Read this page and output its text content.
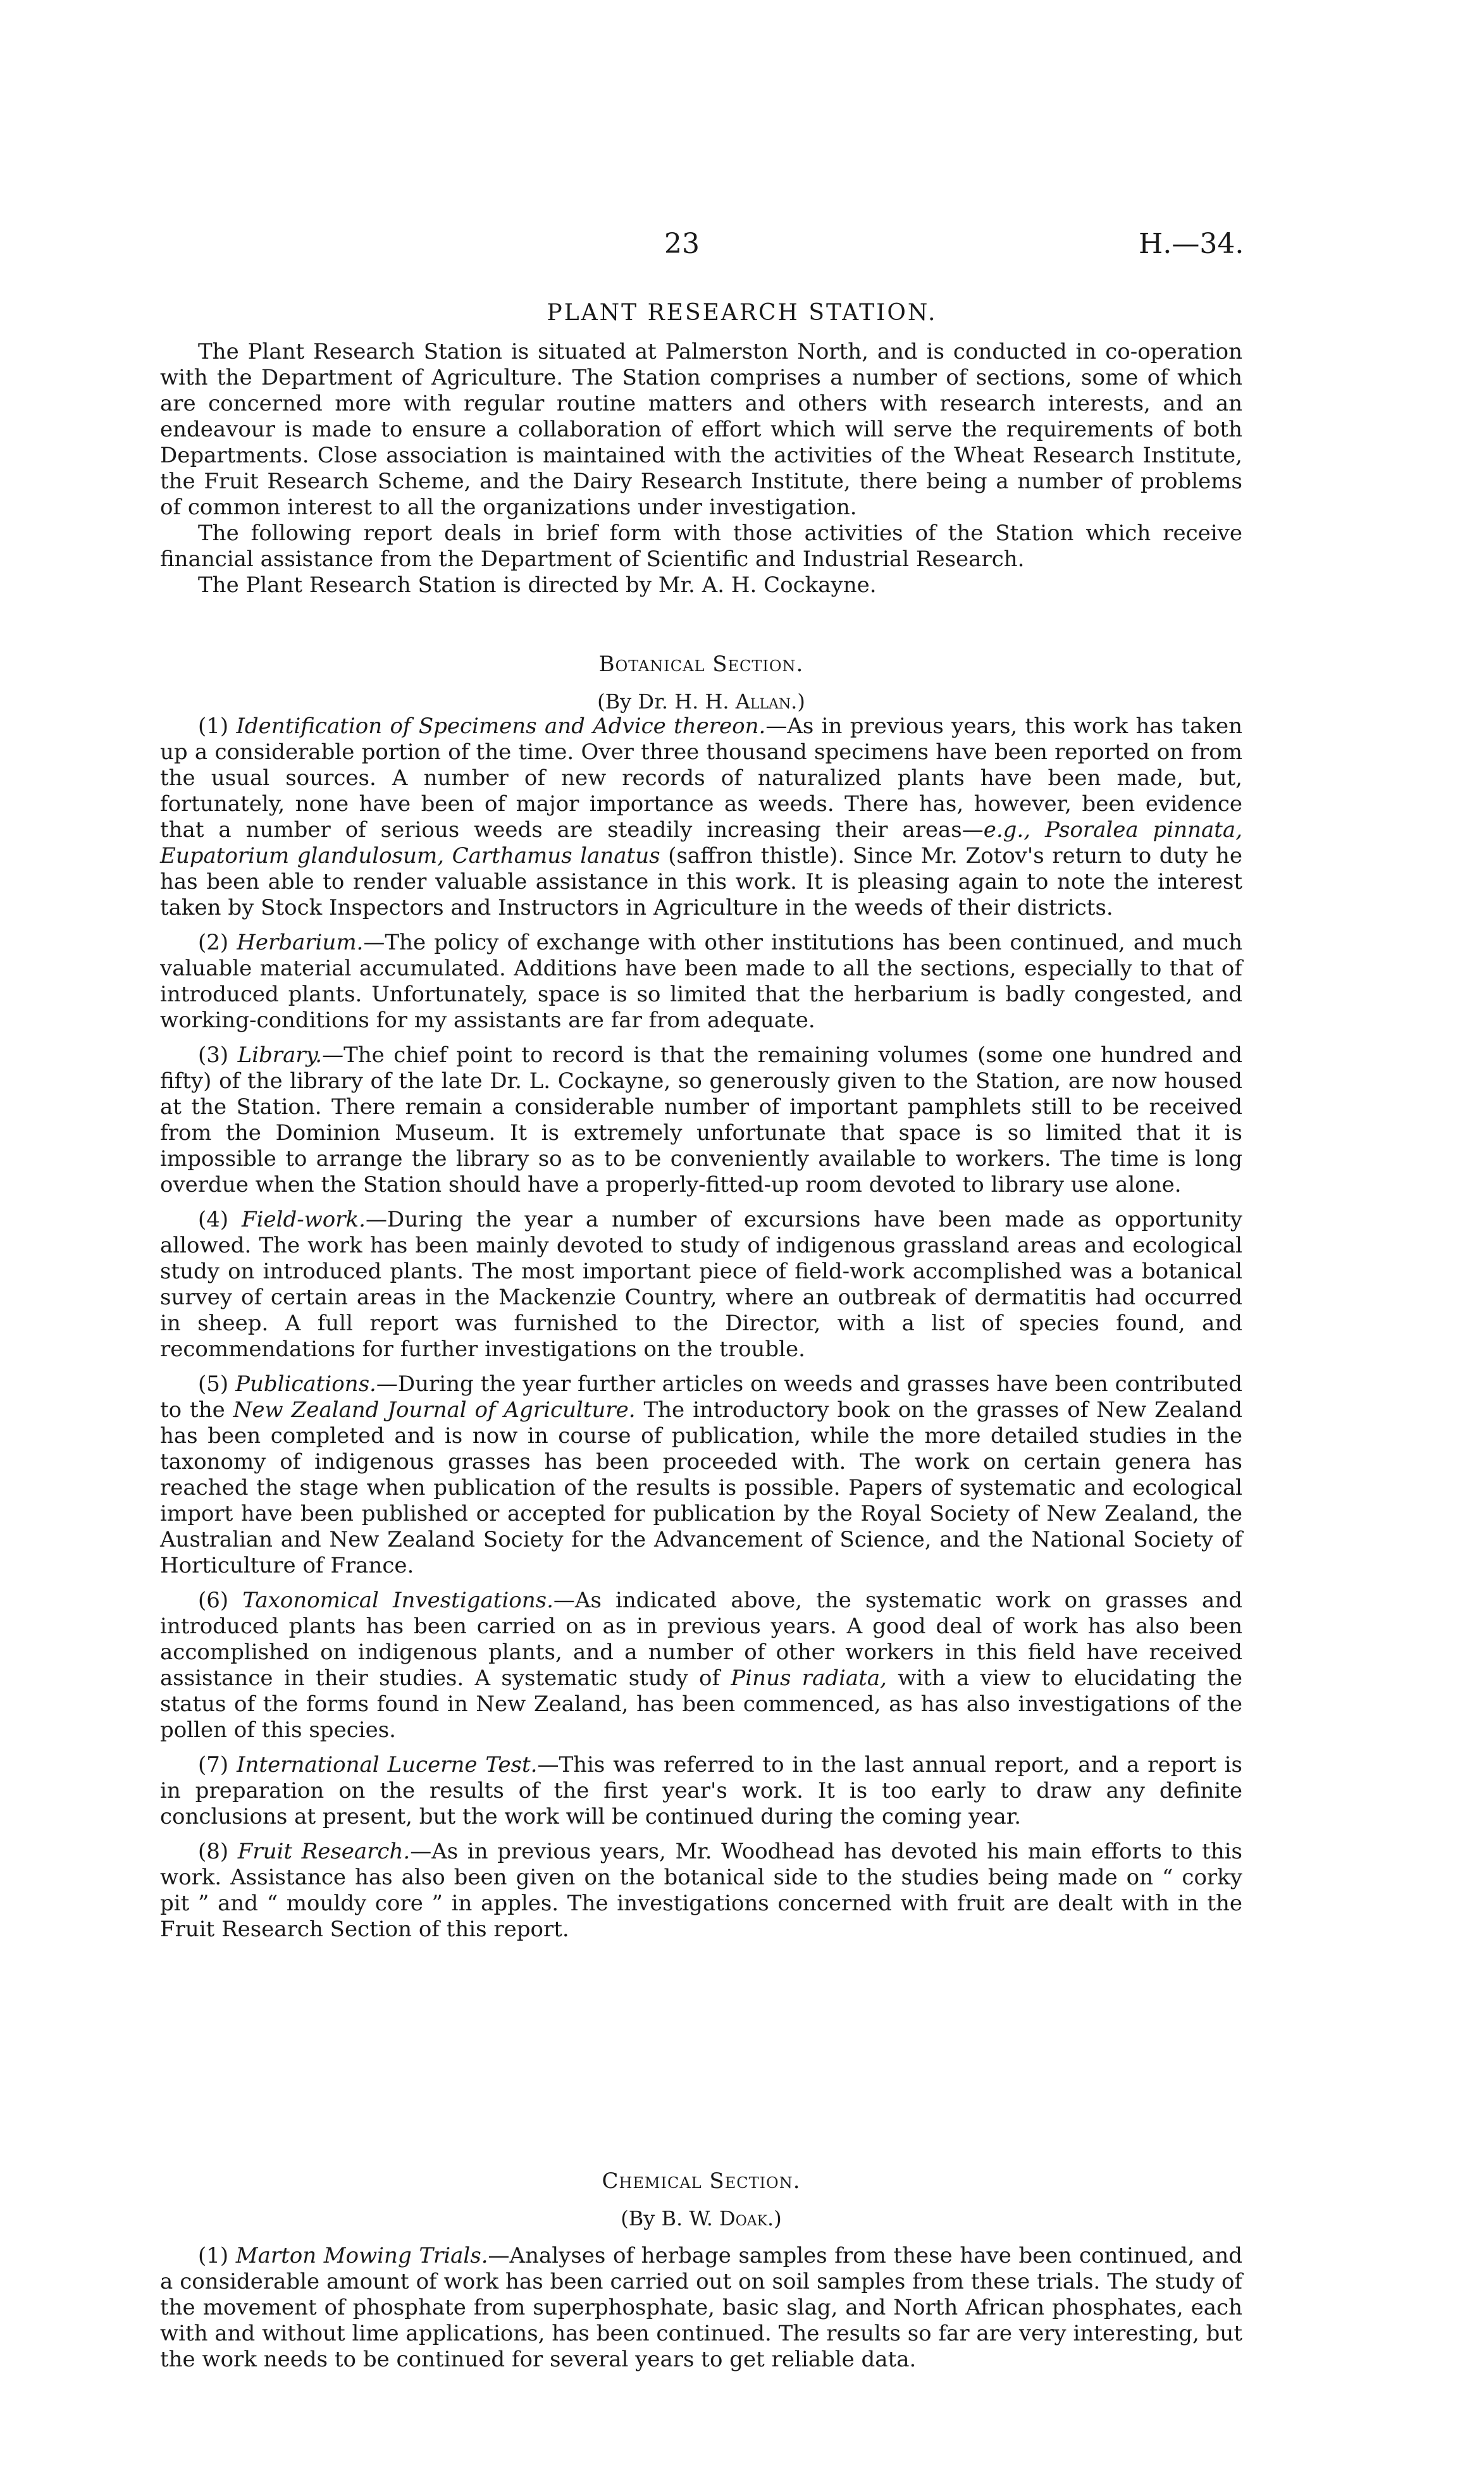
23	H.—34.
PLANT RESEARCH STATION.

The Plant Research Station is situated at Palmerston North, and is conducted in co-operation with the Department of Agriculture. The Station comprises a number of sections, some of which are concerned more with regular routine matters and others with research interests, and an endeavour is made to ensure a collaboration of effort which will serve the requirements of both Departments. Close association is maintained with the activities of the Wheat Research Institute, the Fruit Research Scheme, and the Dairy Research Institute, there being a number of problems of common interest to all the organizations under investigation.

The following report deals in brief form with those activities of the Station which receive financial assistance from the Department of Scientific and Industrial Research.

The Plant Research Station is directed by Mr. A. H. Cockayne.

Botanical Section.

(By Dr. H. H. Allan.)

(1) Identification of Specimens and Advice thereon.—As in previous years, this work has taken up a considerable portion of the time. Over three thousand specimens have been reported on from the usual sources. A number of new records of naturalized plants have been made, but, fortunately, none have been of major importance as weeds. There has, however, been evidence that a number of serious weeds are steadily increasing their areas—e.g., Psoralea pinnata, Eupatorium glandulosum, Carthamus lanatus (saffron thistle). Since Mr. Zotov's return to duty he has been able to render valuable assistance in this work. It is pleasing again to note the interest taken by Stock Inspectors and Instructors in Agriculture in the weeds of their districts.

(2) Herbarium.—The policy of exchange with other institutions has been continued, and much valuable material accumulated. Additions have been made to all the sections, especially to that of introduced plants. Unfortunately, space is so limited that the herbarium is badly congested, and working-conditions for my assistants are far from adequate.

(3) Library.—The chief point to record is that the remaining volumes (some one hundred and fifty) of the library of the late Dr. L. Cockayne, so generously given to the Station, are now housed at the Station. There remain a considerable number of important pamphlets still to be received from the Dominion Museum. It is extremely unfortunate that space is so limited that it is impossible to arrange the library so as to be conveniently available to workers. The time is long overdue when the Station should have a properly-fitted-up room devoted to library use alone.

(4) Field-work.—During the year a number of excursions have been made as opportunity allowed. The work has been mainly devoted to study of indigenous grassland areas and ecological study on introduced plants. The most important piece of field-work accomplished was a botanical survey of certain areas in the Mackenzie Country, where an outbreak of dermatitis had occurred in sheep. A full report was furnished to the Director, with a list of species found, and recommendations for further investigations on the trouble.

(5) Publications.—During the year further articles on weeds and grasses have been contributed to the New Zealand Journal of Agriculture. The introductory book on the grasses of New Zealand has been completed and is now in course of publication, while the more detailed studies in the taxonomy of indigenous grasses has been proceeded with. The work on certain genera has reached the stage when publication of the results is possible. Papers of systematic and ecological import have been published or accepted for publication by the Royal Society of New Zealand, the Australian and New Zealand Society for the Advancement of Science, and the National Society of Horticulture of France.

(6) Taxonomical Investigations.—As indicated above, the systematic work on grasses and introduced plants has been carried on as in previous years. A good deal of work has also been accomplished on indigenous plants, and a number of other workers in this field have received assistance in their studies. A systematic study of Pinus radiata, with a view to elucidating the status of the forms found in New Zealand, has been commenced, as has also investigations of the pollen of this species.

(7) International Lucerne Test.—This was referred to in the last annual report, and a report is in preparation on the results of the first year's work. It is too early to draw any definite conclusions at present, but the work will be continued during the coming year.

(8) Fruit Research.—As in previous years, Mr. Woodhead has devoted his main efforts to this work. Assistance has also been given on the botanical side to the studies being made on “ corky pit ” and “ mouldy core ” in apples. The investigations concerned with fruit are dealt with in the Fruit Research Section of this report.

Chemical Section.

(By B. W. Doak.)

(1) Marton Mowing Trials.—Analyses of herbage samples from these have been continued, and a considerable amount of work has been carried out on soil samples from these trials. The study of the movement of phosphate from superphosphate, basic slag, and North African phosphates, each with and without lime applications, has been continued. The results so far are very interesting, but the work needs to be continued for several years to get reliable data.
